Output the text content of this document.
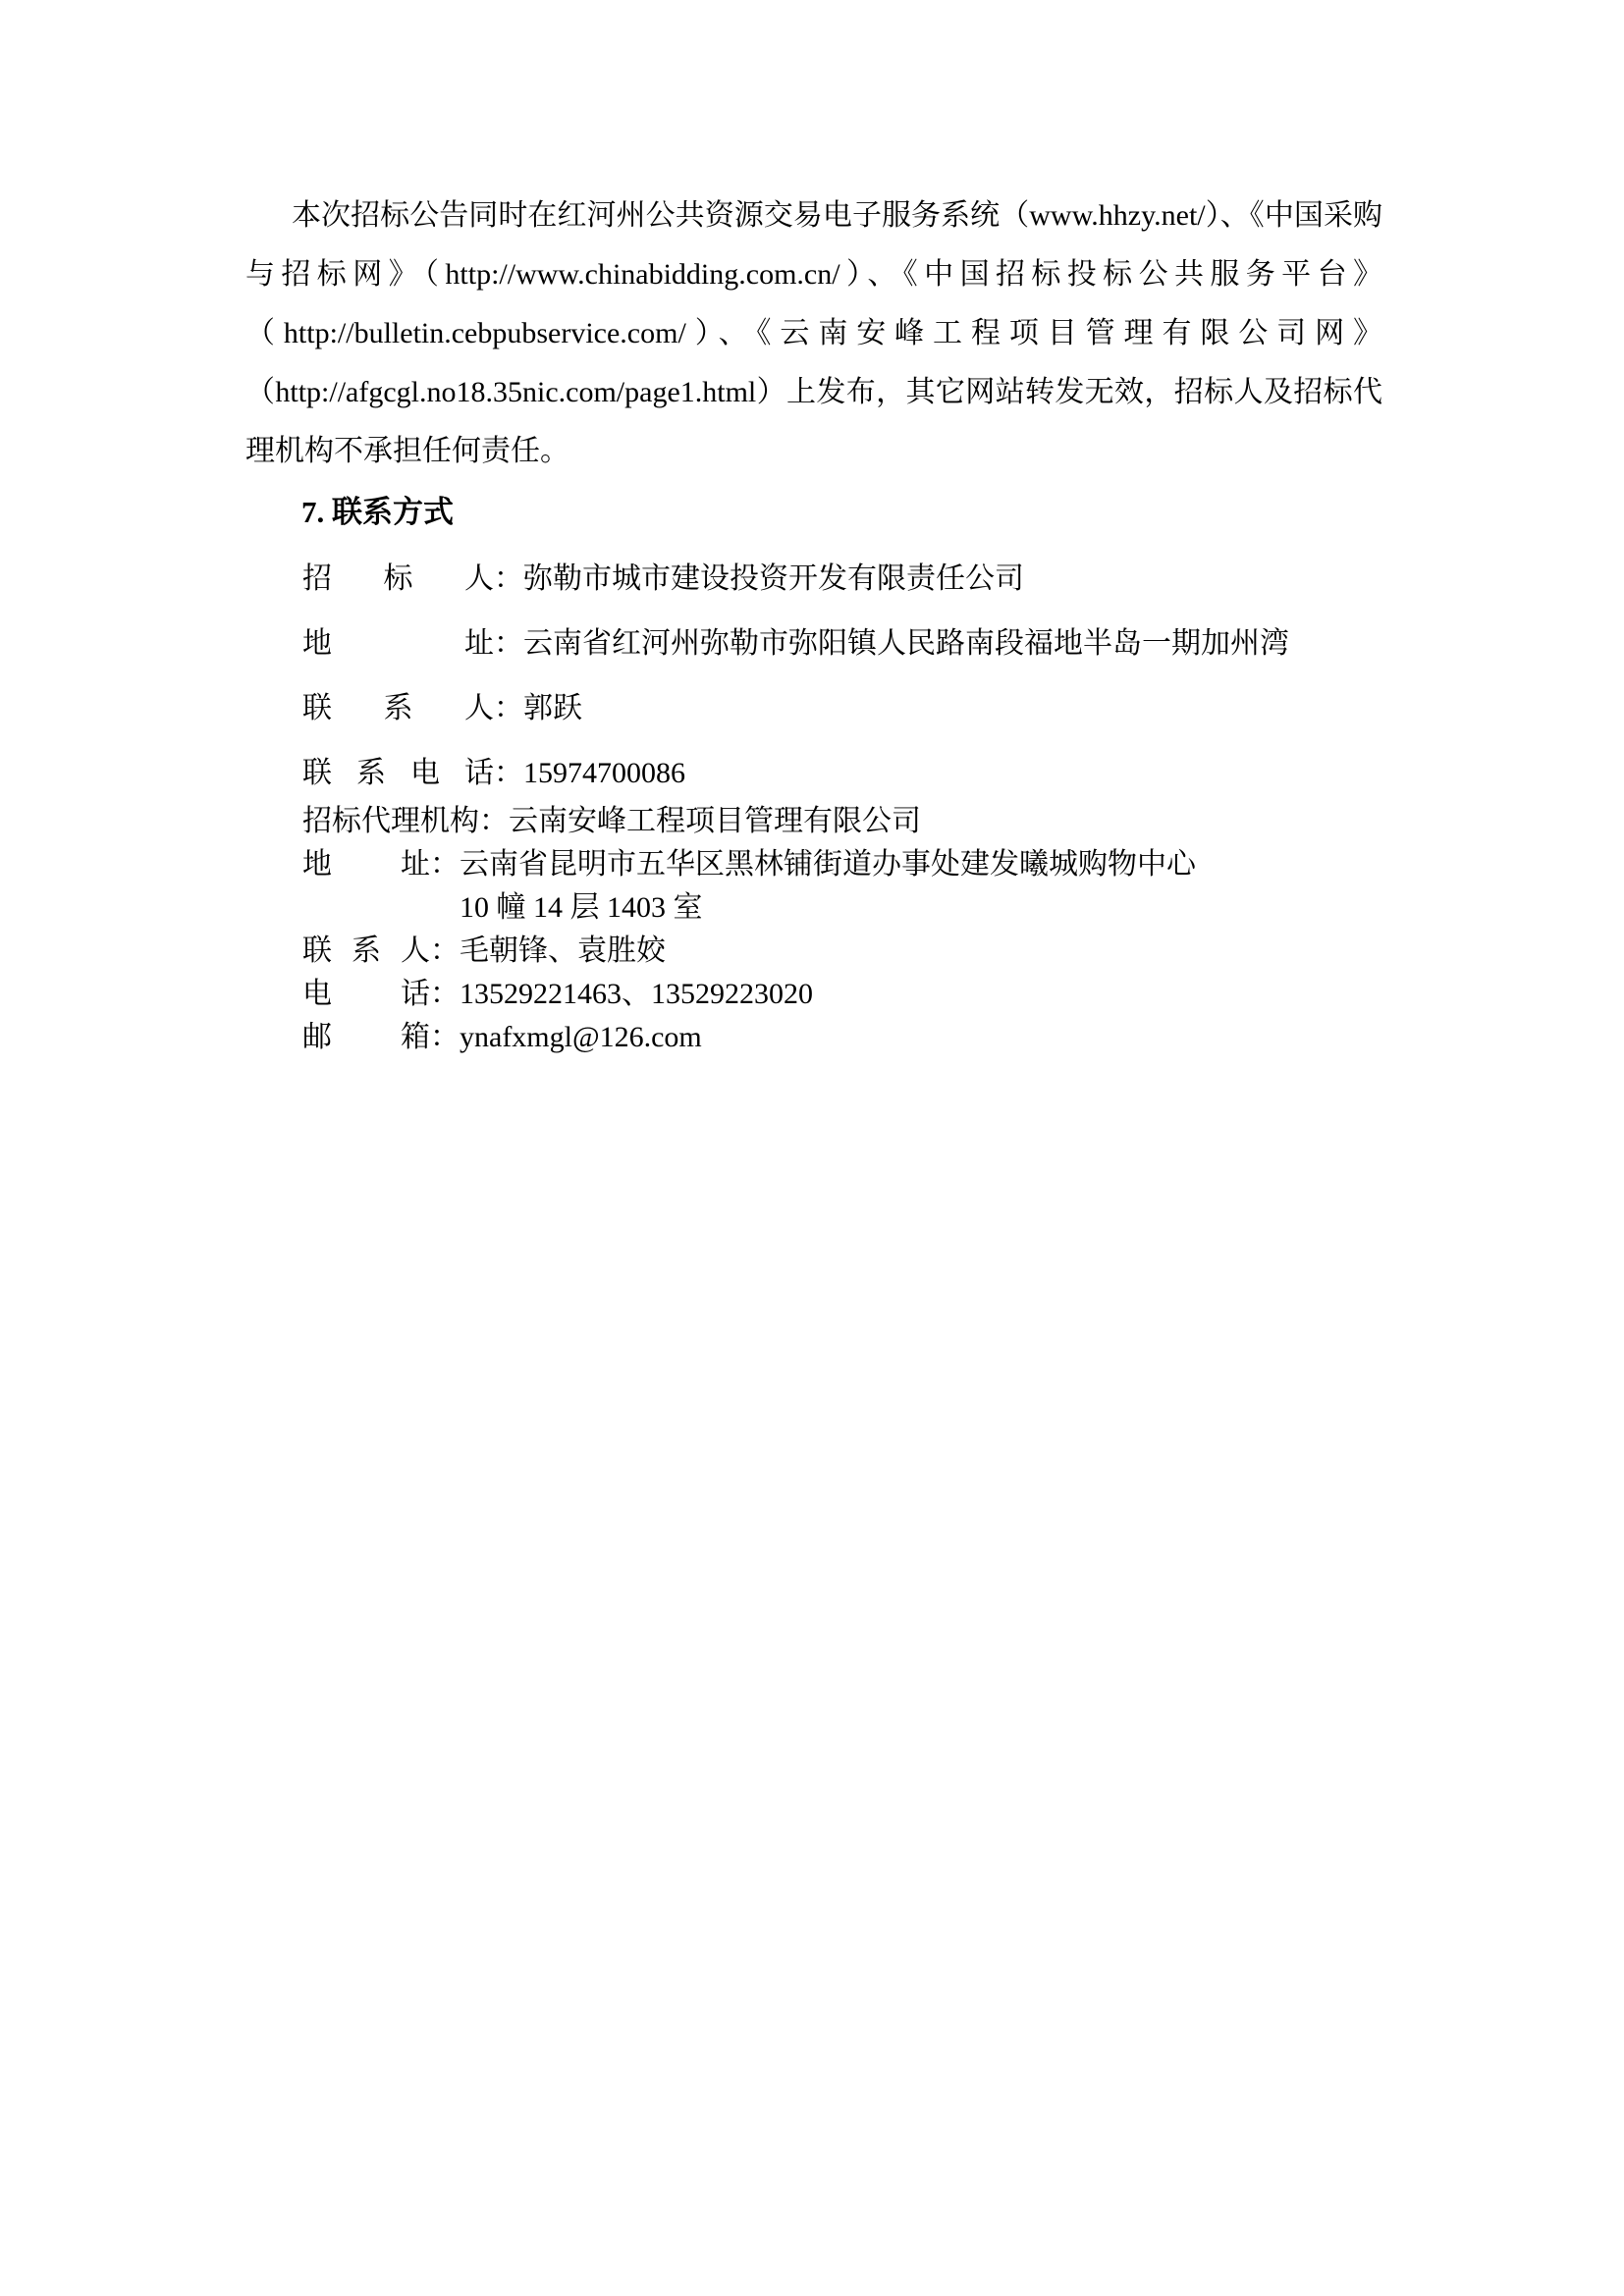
本次招标公告同时在红河州公共资源交易电子服务系统（www.hhzy.net/）、《中国采购与招标网》（http://www.chinabidding.com.cn/）、《中国招标投标公共服务平台》（http://bulletin.cebpubservice.com/）、《云南安峰工程项目管理有限公司网》（http://afgcgl.no18.35nic.com/page1.html）上发布，其它网站转发无效，招标人及招标代理机构不承担任何责任。

7. 联系方式
招标人 ： 弥勒市城市建设投资开发有限责任公司
地址 ： 云南省红河州弥勒市弥阳镇人民路南段福地半岛一期加州湾
联系人 ： 郭跃
联系电话 ： 15974700086
招标代理机构 ： 云南安峰工程项目管理有限公司
地址 ： 云南省昆明市五华区黑林铺街道办事处建发曦城购物中心
10 幢 14 层 1403 室
联系人 ： 毛朝锋、袁胜姣
电话 ： 13529221463、13529223020
邮箱 ： ynafxmgl@126.com
